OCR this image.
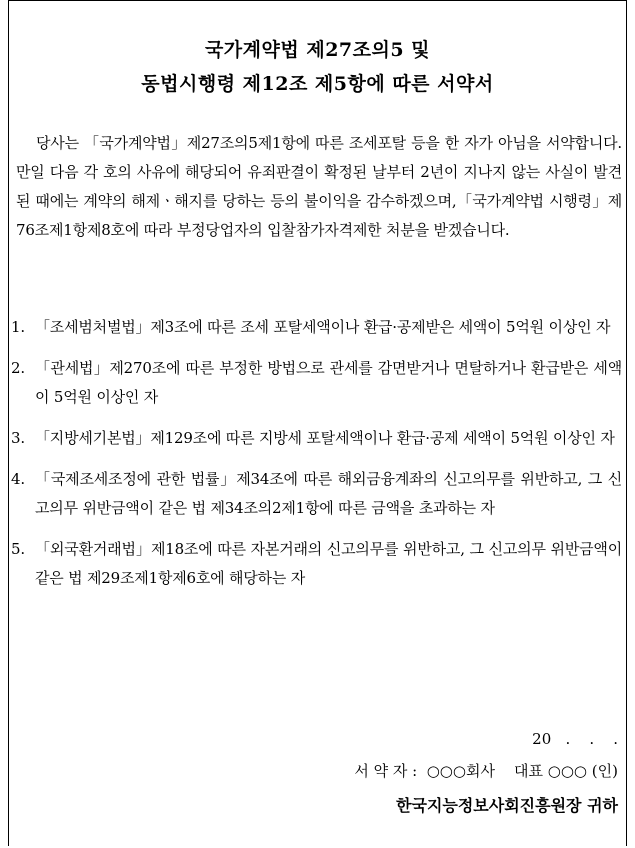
국가계약법 제27조의5 및
동법시행령 제12조 제5항에 따른 서약서
당사는 「국가계약법」제27조의5제1항에 따른 조세포탈 등을 한 자가 아님을 서약합니다. 만일 다음 각 호의 사유에 해당되어 유죄판결이 확정된 날부터 2년이 지나지 않는 사실이 발견된 때에는 계약의 해제ㆍ해지를 당하는 등의 불이익을 감수하겠으며,「국가계약법 시행령」제76조제1항제8호에 따라 부정당업자의 입찰참가자격제한 처분을 받겠습니다.
1. 「조세범처벌법」제3조에 따른 조세 포탈세액이나 환급·공제받은 세액이 5억원 이상인 자
2. 「관세법」제270조에 따른 부정한 방법으로 관세를 감면받거나 면탈하거나 환급받은 세액이 5억원 이상인 자
3. 「지방세기본법」제129조에 따른 지방세 포탈세액이나 환급·공제 세액이 5억원 이상인 자
4. 「국제조세조정에 관한 법률」제34조에 따른 해외금융계좌의 신고의무를 위반하고, 그 신고의무 위반금액이 같은 법 제34조의2제1항에 따른 금액을 초과하는 자
5. 「외국환거래법」제18조에 따른 자본거래의 신고의무를 위반하고, 그 신고의무 위반금액이 같은 법 제29조제1항제6호에 해당하는 자
20   .    .    .
서 약 자 :  ○○○회사    대표 ○○○ (인)
한국지능정보사회진흥원장 귀하
